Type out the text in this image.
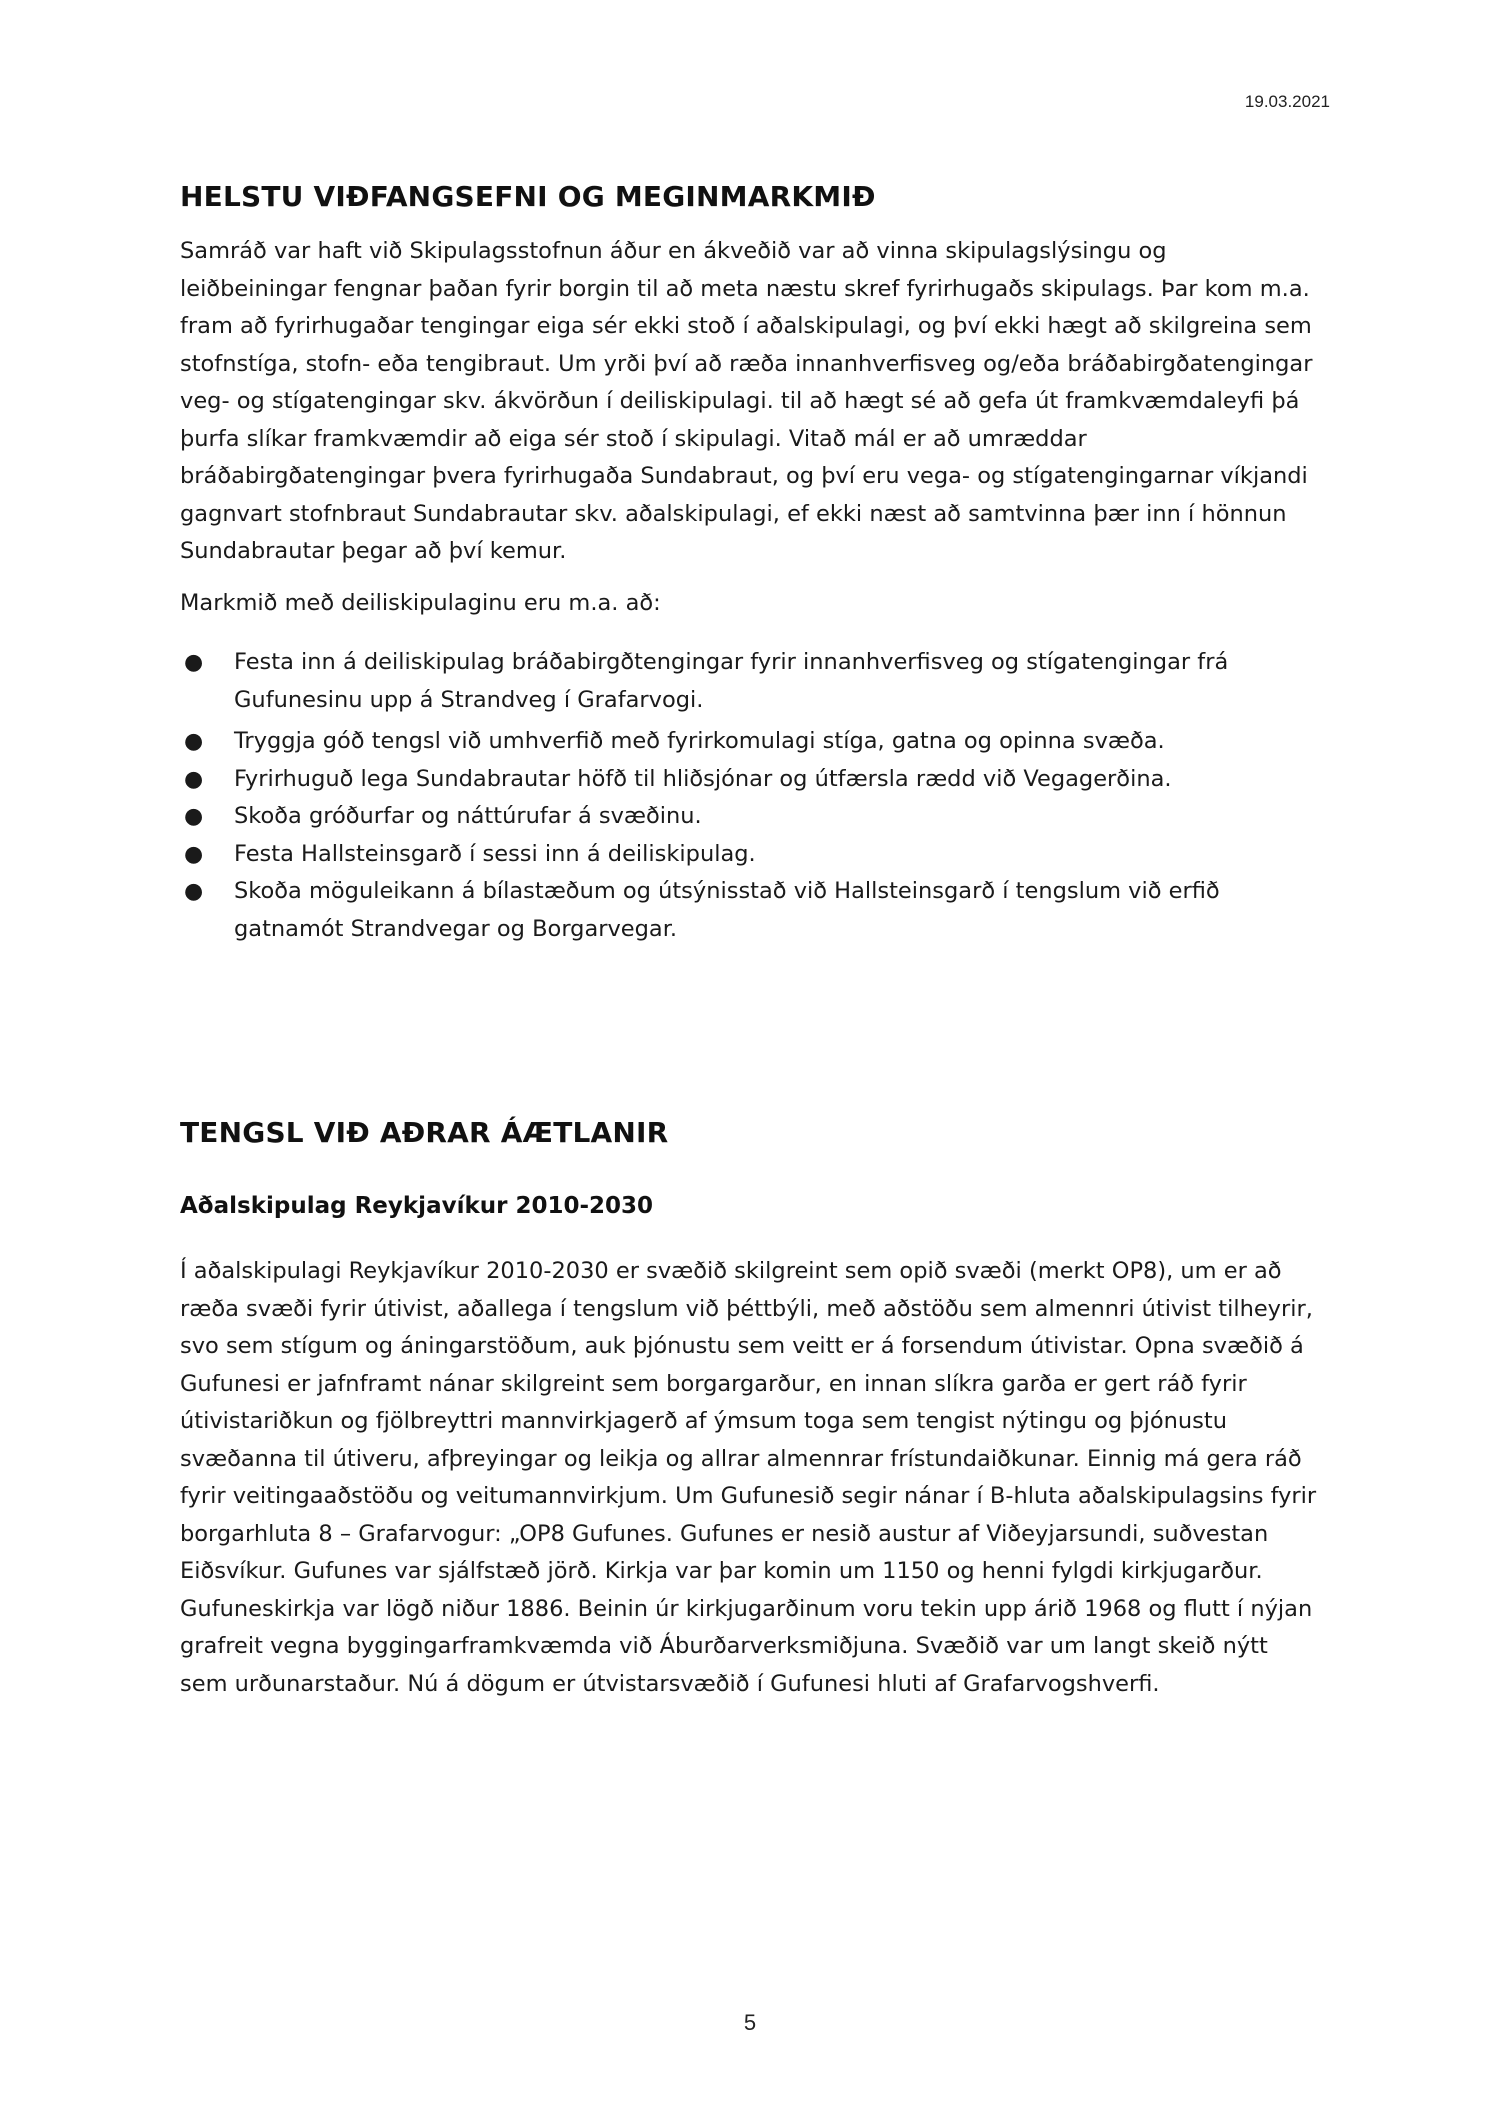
19.03.2021
HELSTU VIÐFANGSEFNI OG MEGINMARKMIÐ

Samráð var haft við Skipulagsstofnun áður en ákveðið var að vinna skipulagslýsingu og leiðbeiningar fengnar þaðan fyrir borgin til að meta næstu skref fyrirhugaðs skipulags. Þar kom m.a. fram að fyrirhugaðar tengingar eiga sér ekki stoð í aðalskipulagi, og því ekki hægt að skilgreina sem stofnstíga, stofn- eða tengibraut. Um yrði því að ræða innanhverfisveg og/eða bráðabirgðatengingar veg- og stígatengingar skv. ákvörðun í deiliskipulagi. til að hægt sé að gefa út framkvæmdaleyfi þá þurfa slíkar framkvæmdir að eiga sér stoð í skipulagi. Vitað mál er að umræddar bráðabirgðatengingar þvera fyrirhugaða Sundabraut, og því eru vega- og stígatengingarnar víkjandi gagnvart stofnbraut Sundabrautar skv. aðalskipulagi, ef ekki næst að samtvinna þær inn í hönnun Sundabrautar þegar að því kemur.

Markmið með deiliskipulaginu eru m.a. að:

● Festa inn á deiliskipulag bráðabirgðtengingar fyrir innanhverfisveg og stígatengingar frá Gufunesinu upp á Strandveg í Grafarvogi.
● Tryggja góð tengsl við umhverfið með fyrirkomulagi stíga, gatna og opinna svæða.
● Fyrirhuguð lega Sundabrautar höfð til hliðsjónar og útfærsla rædd við Vegagerðina.
● Skoða gróðurfar og náttúrufar á svæðinu.
● Festa Hallsteinsgarð í sessi inn á deiliskipulag.
● Skoða möguleikann á bílastæðum og útsýnisstað við Hallsteinsgarð í tengslum við erfið gatnamót Strandvegar og Borgarvegar.
TENGSL VIÐ AÐRAR ÁÆTLANIR
Aðalskipulag Reykjavíkur 2010-2030

Í aðalskipulagi Reykjavíkur 2010-2030 er svæðið skilgreint sem opið svæði (merkt OP8), um er að ræða svæði fyrir útivist, aðallega í tengslum við þéttbýli, með aðstöðu sem almennri útivist tilheyrir, svo sem stígum og áningarstöðum, auk þjónustu sem veitt er á forsendum útivistar. Opna svæðið á Gufunesi er jafnframt nánar skilgreint sem borgargarður, en innan slíkra garða er gert ráð fyrir útivistariðkun og fjölbreyttri mannvirkjagerð af ýmsum toga sem tengist nýtingu og þjónustu svæðanna til útiveru, afþreyingar og leikja og allrar almennrar frístundaiðkunar. Einnig má gera ráð fyrir veitingaaðstöðu og veitumannvirkjum. Um Gufunesið segir nánar í B-hluta aðalskipulagsins fyrir borgarhluta 8 – Grafarvogur: „OP8 Gufunes. Gufunes er nesið austur af Viðeyjarsundi, suðvestan Eiðsvíkur. Gufunes var sjálfstæð jörð. Kirkja var þar komin um 1150 og henni fylgdi kirkjugarður. Gufuneskirkja var lögð niður 1886. Beinin úr kirkjugarðinum voru tekin upp árið 1968 og flutt í nýjan grafreit vegna byggingarframkvæmda við Áburðarverksmiðjuna. Svæðið var um langt skeið nýtt sem urðunarstaður. Nú á dögum er útvistarsvæðið í Gufunesi hluti af Grafarvogshverfi.

5
